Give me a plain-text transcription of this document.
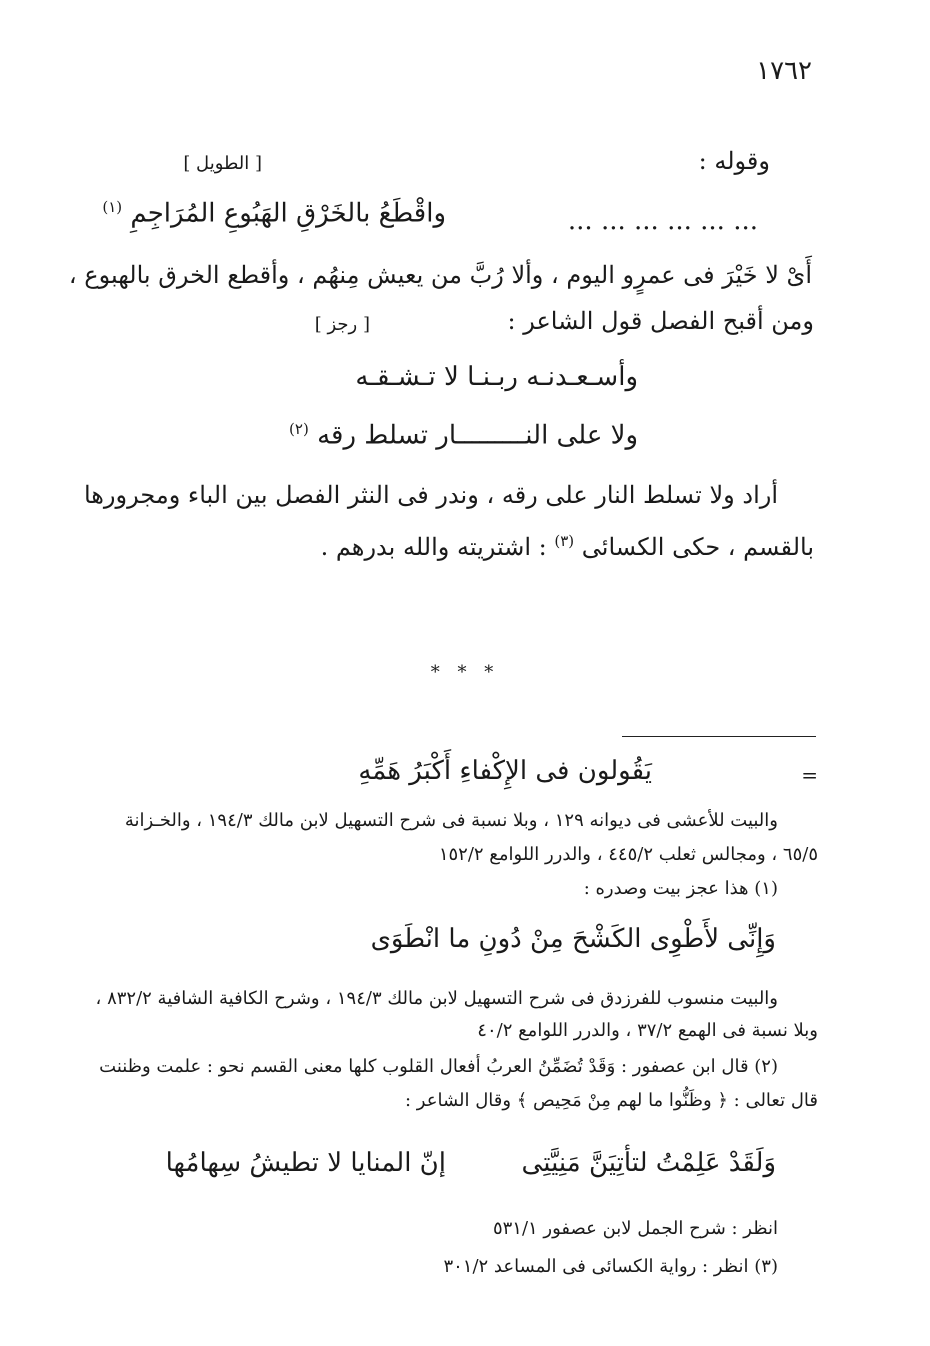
١٧٦٢
وقوله :
[ الطويل ]
واقْطَعُ بالخَرْقِ الهَبُوعِ المُرَاجِمِ $^{(١)}$	... ... ... ... ... ...
أَىْ لا خَيْرَ فى عمرٍو اليوم ، وألا رُبَّ من يعيش مِنهُم ، وأقطع الخرق بالهبوع ،
ومن أقبح الفصل قول الشاعر :
[ رجز ]
وأسـعـدنـه ربـنـا لا تـشـقـه
ولا على النـــــــــار تسلط رقه $^{(٢)}$
أراد ولا تسلط النار على رقه ، وندر فى النثر الفصل بين الباء ومجرورها
بالقسم ، حكى الكسائى $^{(٣)}$ : اشتريته والله بدرهم .
* * *
=
يَقُولون فى الإِكْفاءِ أَكْبَرُ هَمِّهِ
والبيت للأعشى فى ديوانه ١٢٩ ، وبلا نسبة فى شرح التسهيل لابن مالك ١٩٤/٣ ، والخـزانة
٦٥/٥ ، ومجالس ثعلب ٤٤٥/٢ ، والدرر اللوامع ١٥٢/٢
(١) هذا عجز بيت وصدره :
وَإِنِّى لأَطْوِى الكَشْحَ مِنْ دُونِ ما انْطَوَى
والبيت منسوب للفرزدق فى شرح التسهيل لابن مالك ١٩٤/٣ ، وشرح الكافية الشافية ٨٣٢/٢ ،
وبلا نسبة فى الهمع ٣٧/٢ ، والدرر اللوامع ٤٠/٢
(٢) قال ابن عصفور : وَقَدْ تُضَمِّنُ العربُ أفعال القلوب كلها معنى القسم نحو : علمت وظننت
قال تعالى : ﴿ وظَنُّوا ما لهم مِنْ مَحِيص ﴾ وقال الشاعر :
وَلَقَدْ عَلِمْتُ لتأتِيَنَّ مَنِيَّتِى
إنّ المنايا لا تطيشُ سِهامُها
انظر : شرح الجمل لابن عصفور ٥٣١/١
(٣) انظر : رواية الكسائى فى المساعد ٣٠١/٢
